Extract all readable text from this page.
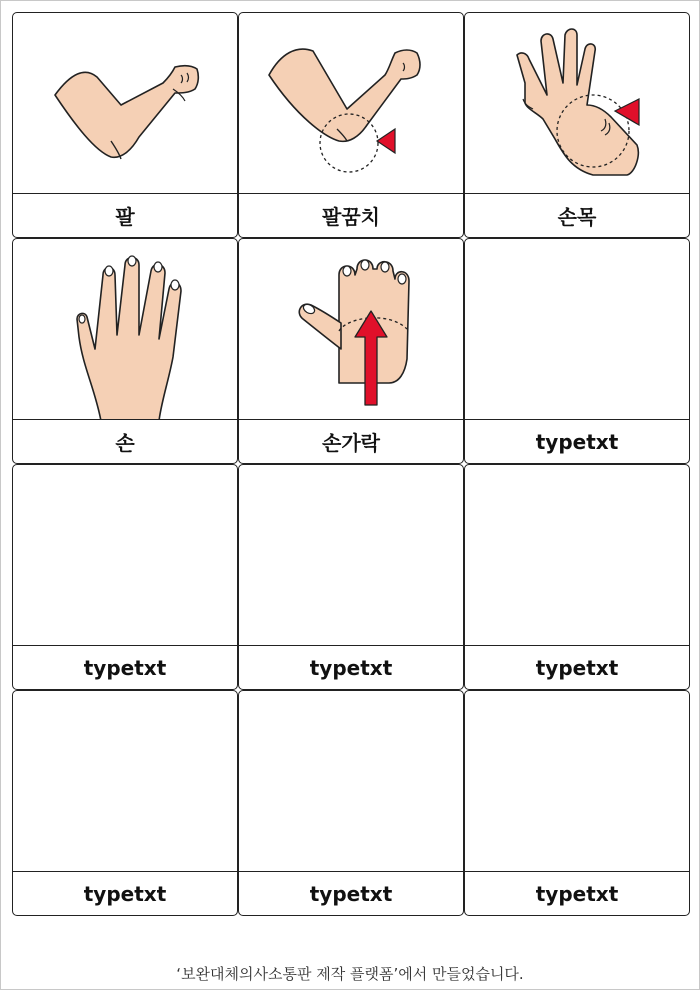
팔	팔꿈치	손목
손	손가락	typetxt
typetxt	typetxt	typetxt
typetxt	typetxt	typetxt
‘보완대체의사소통판 제작 플랫폼’에서 만들었습니다.
